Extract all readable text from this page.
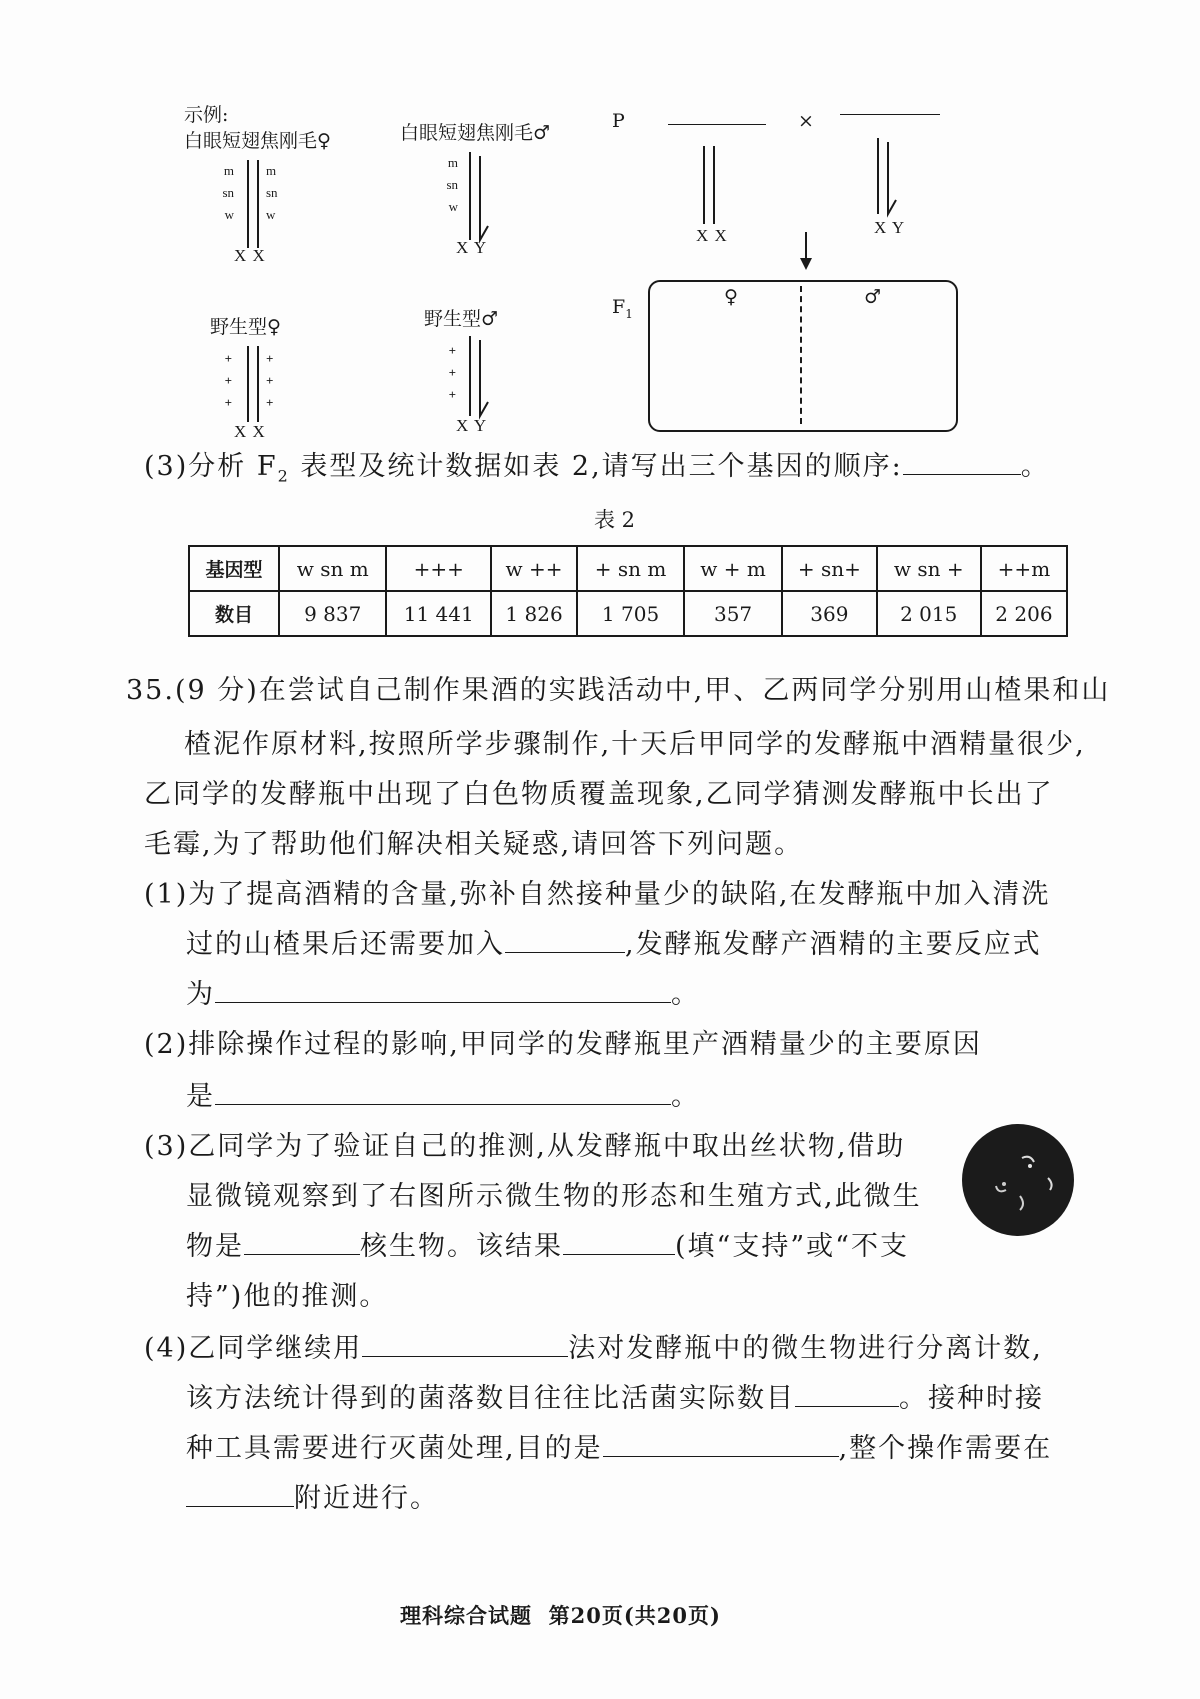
示例:
白眼短翅焦刚毛♀	白眼短翅焦刚毛♂
m
sn
w
m
sn
w
X X
m
sn
w
X Y
野生型♀
+
+
+
+
+
+
X X
野生型♂
+
+
+
X Y
P	×
X X	X Y
$F_1$
♀	♂
(3)分析 $F_2$ 表型及统计数据如表 2,请写出三个基因的顺序:	。
表 2
基因型	w sn m	+++	w ++	+ sn m	w + m	+ sn+	w sn +	++m
数目	9 837	11 441	1 826	1 705	357	369	2 015	2 206
35.(9 分)在尝试自己制作果酒的实践活动中,甲、乙两同学分别用山楂果和山
楂泥作原材料,按照所学步骤制作,十天后甲同学的发酵瓶中酒精量很少,
乙同学的发酵瓶中出现了白色物质覆盖现象,乙同学猜测发酵瓶中长出了
毛霉,为了帮助他们解决相关疑惑,请回答下列问题。
(1)为了提高酒精的含量,弥补自然接种量少的缺陷,在发酵瓶中加入清洗
过的山楂果后还需要加入	,发酵瓶发酵产酒精的主要反应式
为	。
(2)排除操作过程的影响,甲同学的发酵瓶里产酒精量少的主要原因
是	。
(3)乙同学为了验证自己的推测,从发酵瓶中取出丝状物,借助
显微镜观察到了右图所示微生物的形态和生殖方式,此微生
物是	核生物。该结果	(填“支持”或“不支
持”)他的推测。
(4)乙同学继续用	法对发酵瓶中的微生物进行分离计数,
该方法统计得到的菌落数目往往比活菌实际数目	。接种时接
种工具需要进行灭菌处理,目的是	,整个操作需要在
附近进行。
理科综合试题 第20页(共20页)
